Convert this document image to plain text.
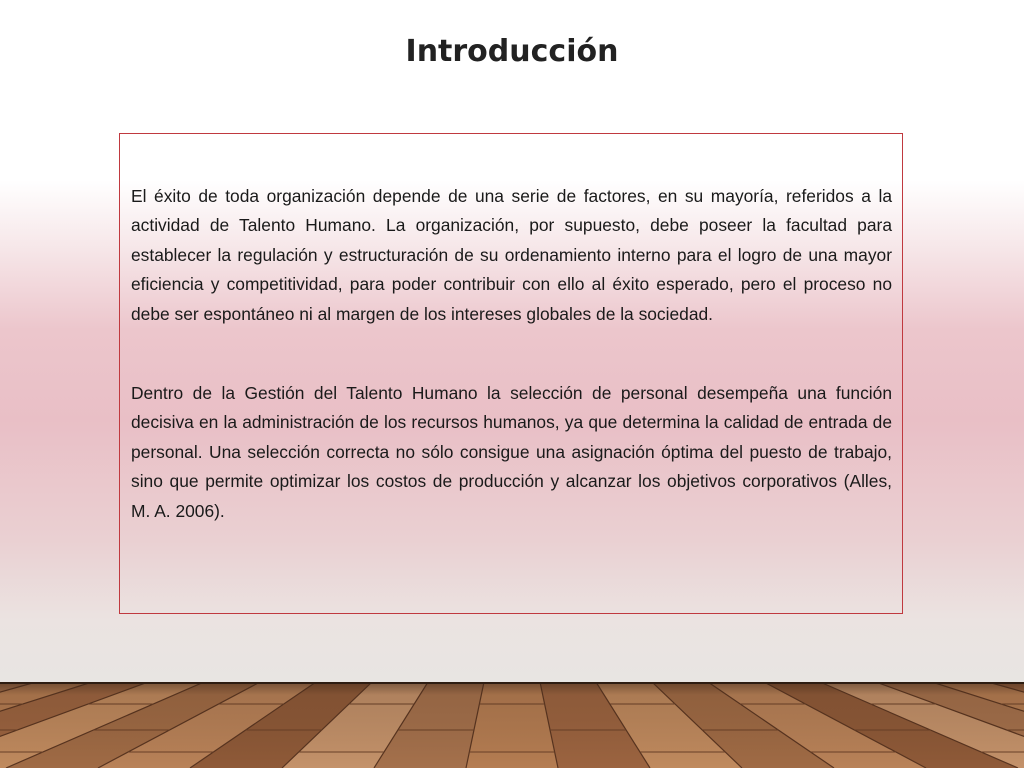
Introducción

El éxito de toda organización depende de una serie de factores, en su mayoría, referidos a la actividad de Talento Humano. La organización, por supuesto, debe poseer la facultad para establecer la regulación y estructuración de su ordenamiento interno para el logro de una mayor eficiencia y competitividad, para poder contribuir con ello al éxito esperado, pero el proceso no debe ser espontáneo ni al margen de los intereses globales de la sociedad.

Dentro de la Gestión del Talento Humano la selección de personal desempeña una función decisiva en la administración de los recursos humanos, ya que determina la calidad de entrada de personal. Una selección correcta no sólo consigue una asignación óptima del puesto de trabajo, sino que permite optimizar los costos de producción y alcanzar los objetivos corporativos (Alles, M. A. 2006).
